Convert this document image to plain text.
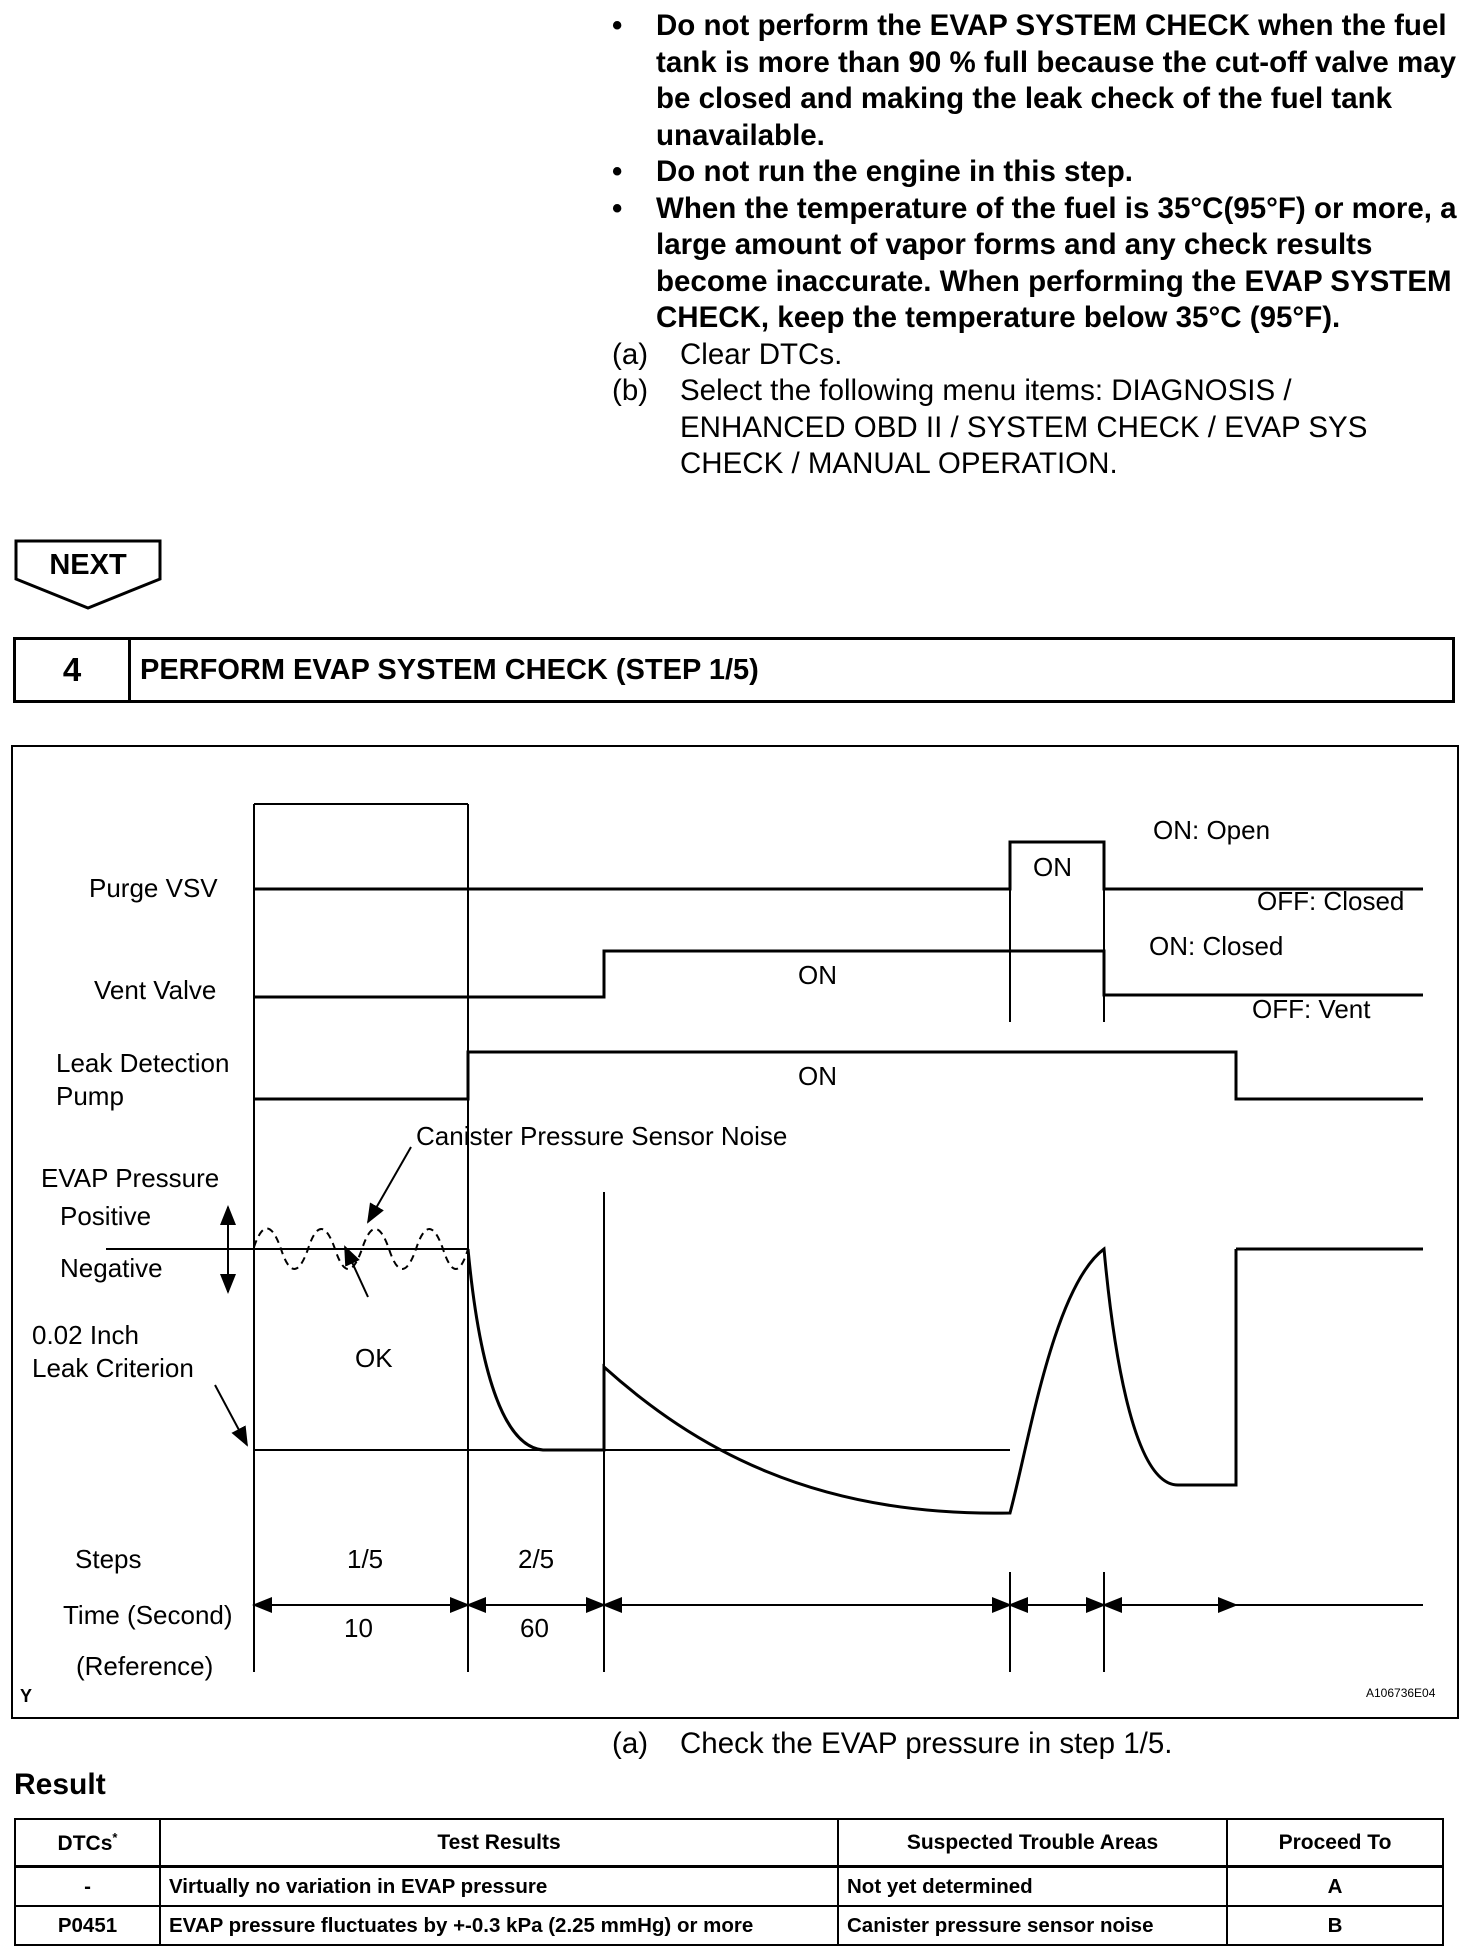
• Do not perform the EVAP SYSTEM CHECK when the fuel tank is more than 90 % full because the cut-off valve may be closed and making the leak check of the fuel tank unavailable.
• Do not run the engine in this step.
• When the temperature of the fuel is 35°C(95°F) or more, a large amount of vapor forms and any check results become inaccurate. When performing the EVAP SYSTEM CHECK, keep the temperature below 35°C (95°F).
(a) Clear DTCs.
(b) Select the following menu items: DIAGNOSIS / ENHANCED OBD II / SYSTEM CHECK / EVAP SYS CHECK / MANUAL OPERATION.
NEXT
4	PERFORM EVAP SYSTEM CHECK (STEP 1/5)
Purge VSV
Vent Valve
Leak Detection
Pump
EVAP Pressure
Positive
Negative
0.02 Inch
Leak Criterion
Canister Pressure Sensor Noise
OK
ON
ON
ON
ON: Open
OFF: Closed
ON: Closed
OFF: Vent
Steps
Time (Second)
(Reference)
1/5	2/5
10	60
Y	A106736E04
(a) Check the EVAP pressure in step 1/5.
Result
DTCs*	Test Results	Suspected Trouble Areas	Proceed To
-	Virtually no variation in EVAP pressure	Not yet determined	A
P0451	EVAP pressure fluctuates by +-0.3 kPa (2.25 mmHg) or more	Canister pressure sensor noise	B
